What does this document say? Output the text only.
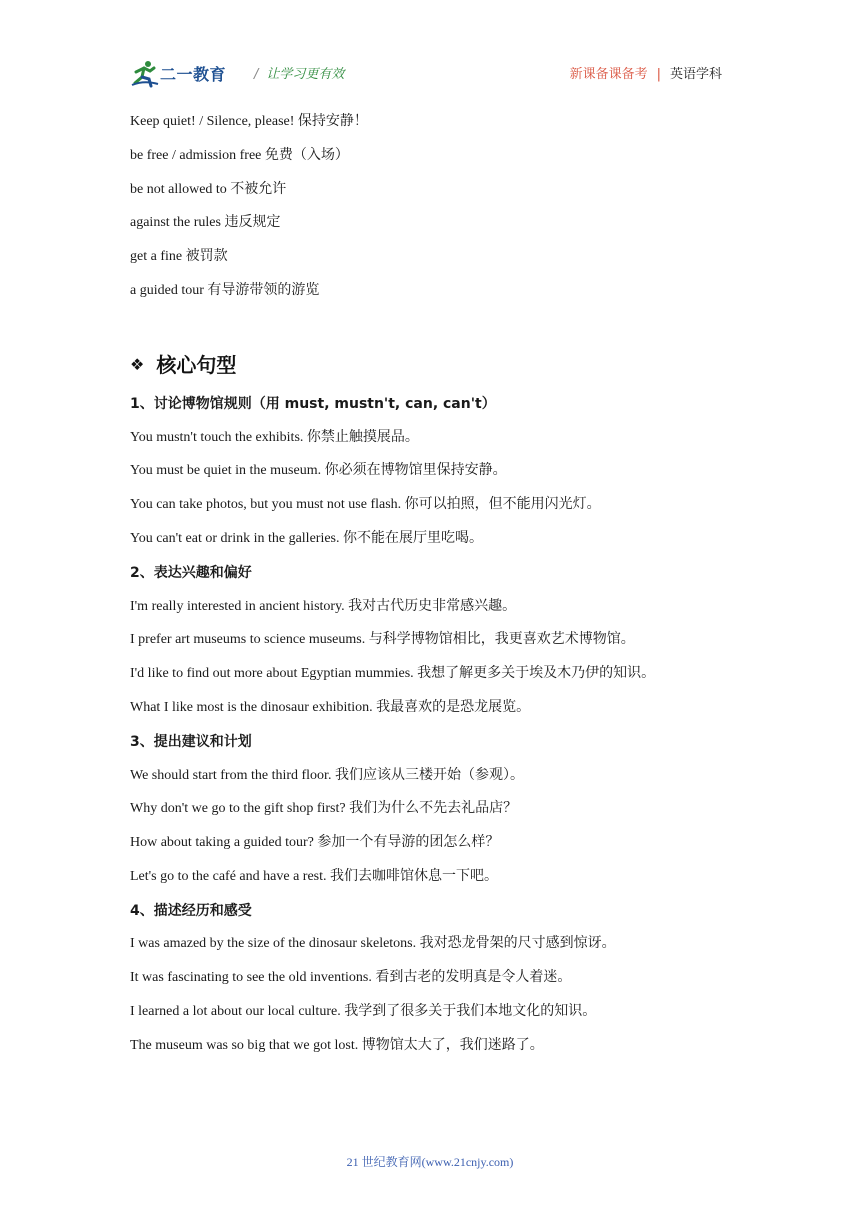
二一教育 / 让学习更有效	新课备课备考 | 英语学科
Keep quiet! / Silence, please! 保持安静！
be free / admission free 免费（入场）
be not allowed to 不被允许
against the rules 违反规定
get a fine 被罚款
a guided tour 有导游带领的游览
❖ 核心句型
1、讨论博物馆规则（用 must, mustn't, can, can't）
You mustn't touch the exhibits. 你禁止触摸展品。
You must be quiet in the museum. 你必须在博物馆里保持安静。
You can take photos, but you must not use flash. 你可以拍照，但不能用闪光灯。
You can't eat or drink in the galleries. 你不能在展厅里吃喝。
2、表达兴趣和偏好
I'm really interested in ancient history. 我对古代历史非常感兴趣。
I prefer art museums to science museums. 与科学博物馆相比，我更喜欢艺术博物馆。
I'd like to find out more about Egyptian mummies. 我想了解更多关于埃及木乃伊的知识。
What I like most is the dinosaur exhibition. 我最喜欢的是恐龙展览。
3、提出建议和计划
We should start from the third floor. 我们应该从三楼开始（参观）。
Why don't we go to the gift shop first? 我们为什么不先去礼品店？
How about taking a guided tour? 参加一个有导游的团怎么样？
Let's go to the café and have a rest. 我们去咖啡馆休息一下吧。
4、描述经历和感受
I was amazed by the size of the dinosaur skeletons. 我对恐龙骨架的尺寸感到惊讶。
It was fascinating to see the old inventions. 看到古老的发明真是令人着迷。
I learned a lot about our local culture. 我学到了很多关于我们本地文化的知识。
The museum was so big that we got lost. 博物馆太大了，我们迷路了。
21 世纪教育网(www.21cnjy.com)
